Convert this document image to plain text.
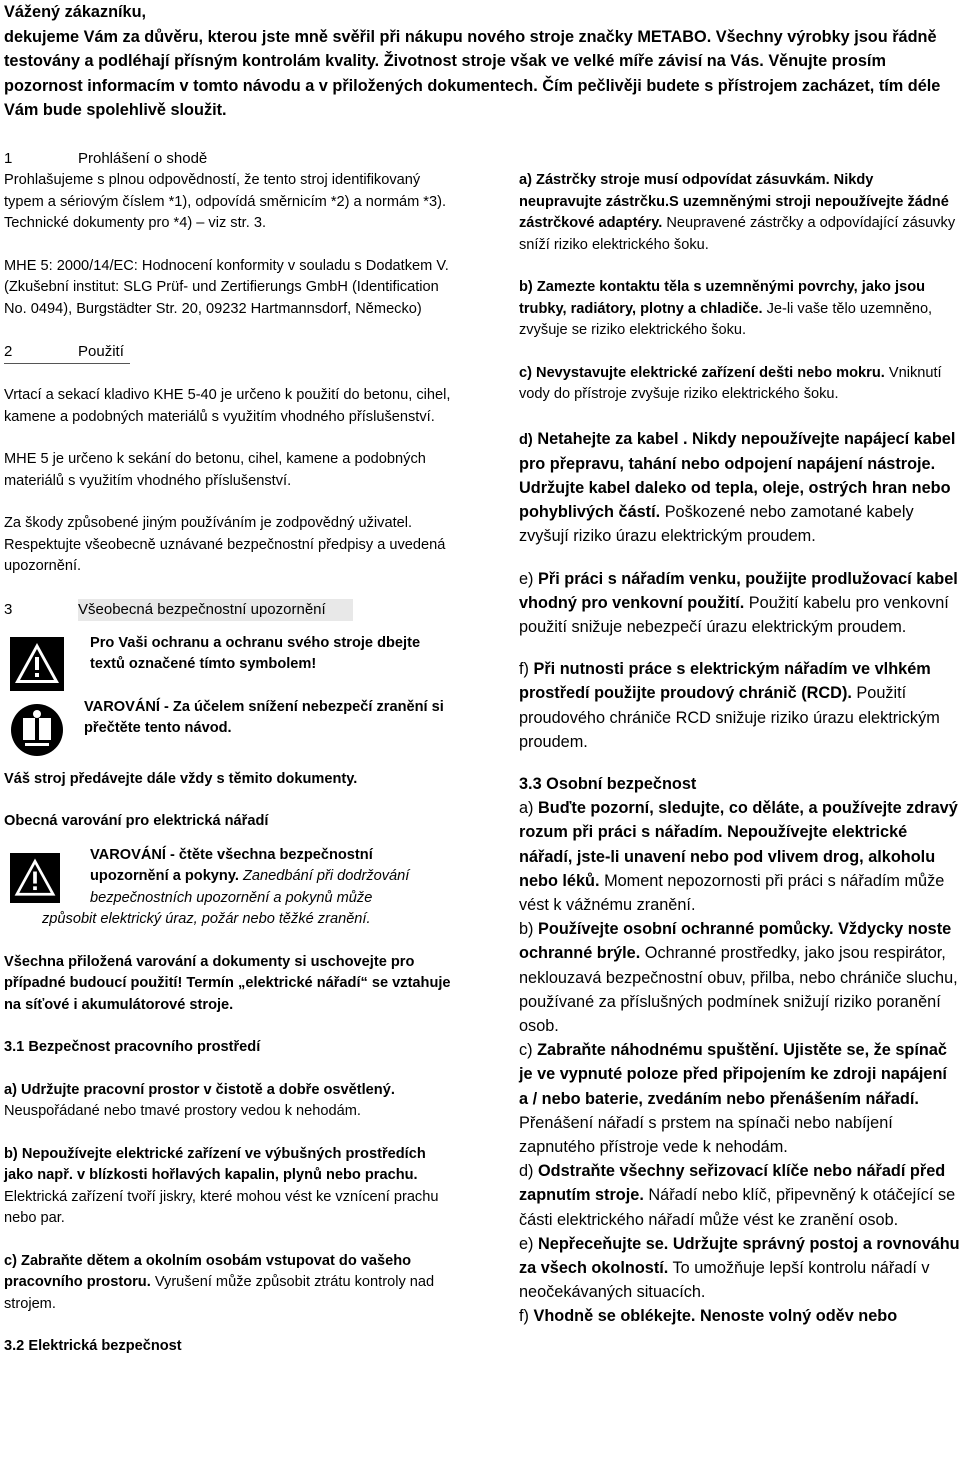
Vážený zákazníku,

dekujeme Vám za důvěru, kterou jste mně svěřil při nákupu nového stroje značky METABO. Všechny výrobky jsou řádně testovány a podléhají přísným kontrolám kvality. Životnost stroje však ve velké míře závisí na Vás. Věnujte prosím pozornost informacím v tomto návodu a v přiložených dokumentech. Čím pečlivěji budete s přístrojem zacházet, tím déle Vám bude spolehlivě sloužit.

1	Prohlášení o shodě

Prohlašujeme s plnou odpovědností, že tento stroj identifikovaný typem a sériovým číslem *1), odpovídá směrnicím *2) a normám *3). Technické dokumenty pro *4) – viz str. 3.

MHE 5: 2000/14/EC: Hodnocení konformity v souladu s Dodatkem V. (Zkušební institut: SLG Prüf- und Zertifierungs GmbH (Identification No. 0494), Burgstädter Str. 20, 09232 Hartmannsdorf, Německo)

2	Použití

Vrtací a sekací kladivo KHE 5-40 je určeno k použití do betonu, cihel, kamene a podobných materiálů s využitím vhodného příslušenství.

MHE 5 je určeno k sekání do betonu, cihel, kamene a podobných materiálů s využitím vhodného příslušenství.

Za škody způsobené jiným používáním je zodpovědný uživatel. Respektujte všeobecně uznávané bezpečnostní předpisy a uvedená upozornění.

3	Všeobecná bezpečnostní upozornění

Pro Vaši ochranu a ochranu svého stroje dbejte textů označené tímto symbolem!

VAROVÁNÍ - Za účelem snížení nebezpečí zranění si přečtěte tento návod.

Váš stroj předávejte dále vždy s těmito dokumenty.

Obecná varování pro elektrická nářadí

VAROVÁNÍ - čtěte všechna bezpečnostní upozornění a pokyny. Zanedbání při dodržování bezpečnostních upozornění a pokynů může

způsobit elektrický úraz, požár nebo těžké zranění.

Všechna přiložená varování a dokumenty si uschovejte pro případné budoucí použití! Termín „elektrické nářadí“ se vztahuje na síťové i akumulátorové stroje.

3.1 Bezpečnost pracovního prostředí

a) Udržujte pracovní prostor v čistotě a dobře osvětlený. Neuspořádané nebo tmavé prostory vedou k nehodám.

b) Nepoužívejte elektrické zařízení ve výbušných prostředích jako např. v blízkosti hořlavých kapalin, plynů nebo prachu. Elektrická zařízení tvoří jiskry, které mohou vést ke vznícení prachu nebo par.

c) Zabraňte dětem a okolním osobám vstupovat do vašeho pracovního prostoru. Vyrušení může způsobit ztrátu kontroly nad strojem.

3.2 Elektrická bezpečnost

a) Zástrčky stroje musí odpovídat zásuvkám. Nikdy neupravujte zástrčku.S uzemněnými stroji nepoužívejte žádné zástrčkové adaptéry. Neupravené zástrčky a odpovídající zásuvky sníží riziko elektrického šoku.

b) Zamezte kontaktu těla s uzemněnými povrchy, jako jsou trubky, radiátory, plotny a chladiče. Je-li vaše tělo uzemněno, zvyšuje se riziko elektrického šoku.

c) Nevystavujte elektrické zařízení dešti nebo mokru. Vniknutí vody do přístroje zvyšuje riziko elektrického šoku.

d) Netahejte za kabel . Nikdy nepoužívejte napájecí kabel pro přepravu, tahání nebo odpojení napájení nástroje. Udržujte kabel daleko od tepla, oleje, ostrých hran nebo pohyblivých částí. Poškozené nebo zamotané kabely zvyšují riziko úrazu elektrickým proudem.

e) Při práci s nářadím venku, použijte prodlužovací kabel vhodný pro venkovní použití. Použití kabelu pro venkovní použití snižuje nebezpečí úrazu elektrickým proudem.

f) Při nutnosti práce s elektrickým nářadím ve vlhkém prostředí použijte proudový chránič (RCD). Použití proudového chrániče RCD snižuje riziko úrazu elektrickým proudem.

3.3 Osobní bezpečnost

a) Buďte pozorní, sledujte, co děláte, a používejte zdravý rozum při práci s nářadím. Nepoužívejte elektrické nářadí, jste-li unavení nebo pod vlivem drog, alkoholu nebo léků. Moment nepozornosti při práci s nářadím může vést k vážnému zranění.

b) Používejte osobní ochranné pomůcky. Vždycky noste ochranné brýle. Ochranné prostředky, jako jsou respirátor, neklouzavá bezpečnostní obuv, přilba, nebo chrániče sluchu, používané za příslušných podmínek snižují riziko poranění osob.

c) Zabraňte náhodnému spuštění. Ujistěte se, že spínač je ve vypnuté poloze před připojením ke zdroji napájení a / nebo baterie, zvedáním nebo přenášením nářadí. Přenášení nářadí s prstem na spínači nebo nabíjení zapnutého přístroje vede k nehodám.

d) Odstraňte všechny seřizovací klíče nebo nářadí před zapnutím stroje. Nářadí nebo klíč, připevněný k otáčející se části elektrického nářadí může vést ke zranění osob.

e) Nepřeceňujte se. Udržujte správný postoj a rovnováhu za všech okolností. To umožňuje lepší kontrolu nářadí v neočekávaných situacích.

f) Vhodně se oblékejte. Nenoste volný oděv nebo
